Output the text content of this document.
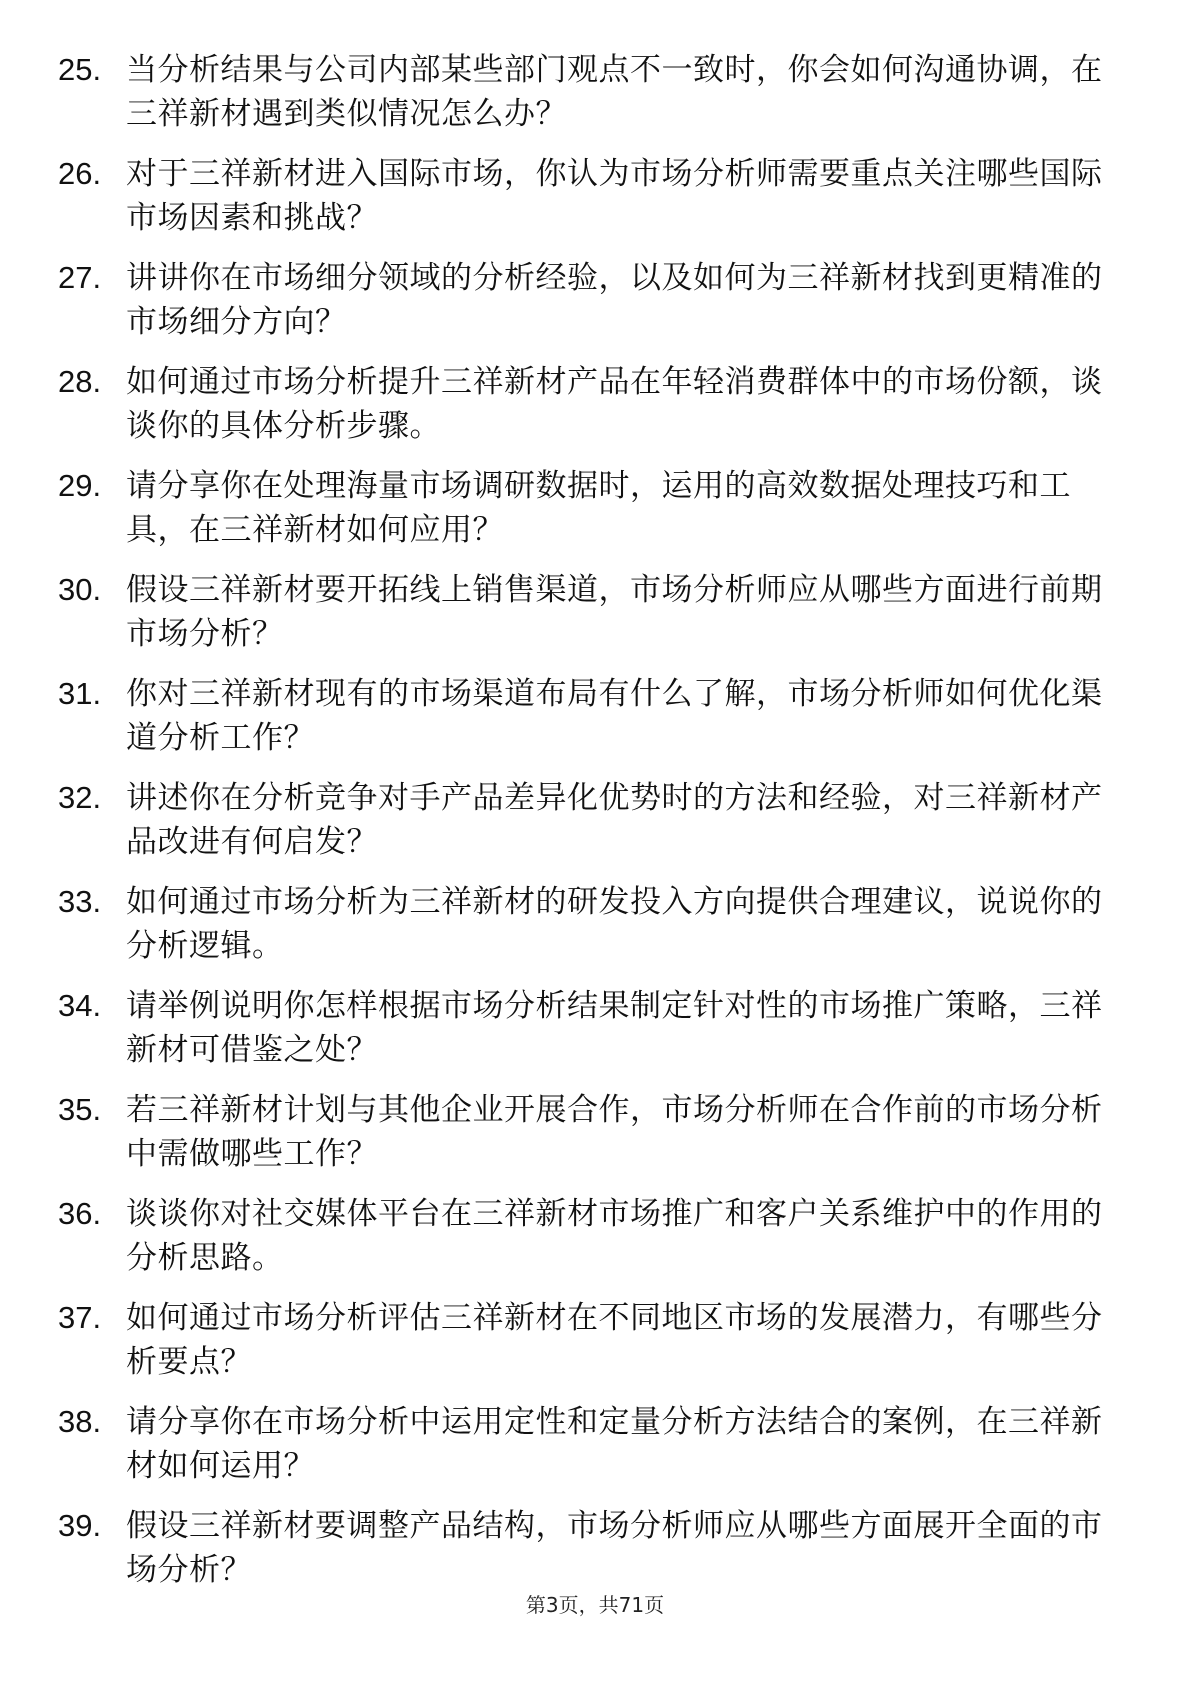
25. 当分析结果与公司内部某些部门观点不一致时，你会如何沟通协调，在三祥新材遇到类似情况怎么办？
26. 对于三祥新材进入国际市场，你认为市场分析师需要重点关注哪些国际市场因素和挑战？
27. 讲讲你在市场细分领域的分析经验，以及如何为三祥新材找到更精准的市场细分方向？
28. 如何通过市场分析提升三祥新材产品在年轻消费群体中的市场份额，谈谈你的具体分析步骤。
29. 请分享你在处理海量市场调研数据时，运用的高效数据处理技巧和工具，在三祥新材如何应用？
30. 假设三祥新材要开拓线上销售渠道，市场分析师应从哪些方面进行前期市场分析？
31. 你对三祥新材现有的市场渠道布局有什么了解，市场分析师如何优化渠道分析工作？
32. 讲述你在分析竞争对手产品差异化优势时的方法和经验，对三祥新材产品改进有何启发？
33. 如何通过市场分析为三祥新材的研发投入方向提供合理建议，说说你的分析逻辑。
34. 请举例说明你怎样根据市场分析结果制定针对性的市场推广策略，三祥新材可借鉴之处？
35. 若三祥新材计划与其他企业开展合作，市场分析师在合作前的市场分析中需做哪些工作？
36. 谈谈你对社交媒体平台在三祥新材市场推广和客户关系维护中的作用的分析思路。
37. 如何通过市场分析评估三祥新材在不同地区市场的发展潜力，有哪些分析要点？
38. 请分享你在市场分析中运用定性和定量分析方法结合的案例，在三祥新材如何运用？
39. 假设三祥新材要调整产品结构，市场分析师应从哪些方面展开全面的市场分析？
第3页，共71页
